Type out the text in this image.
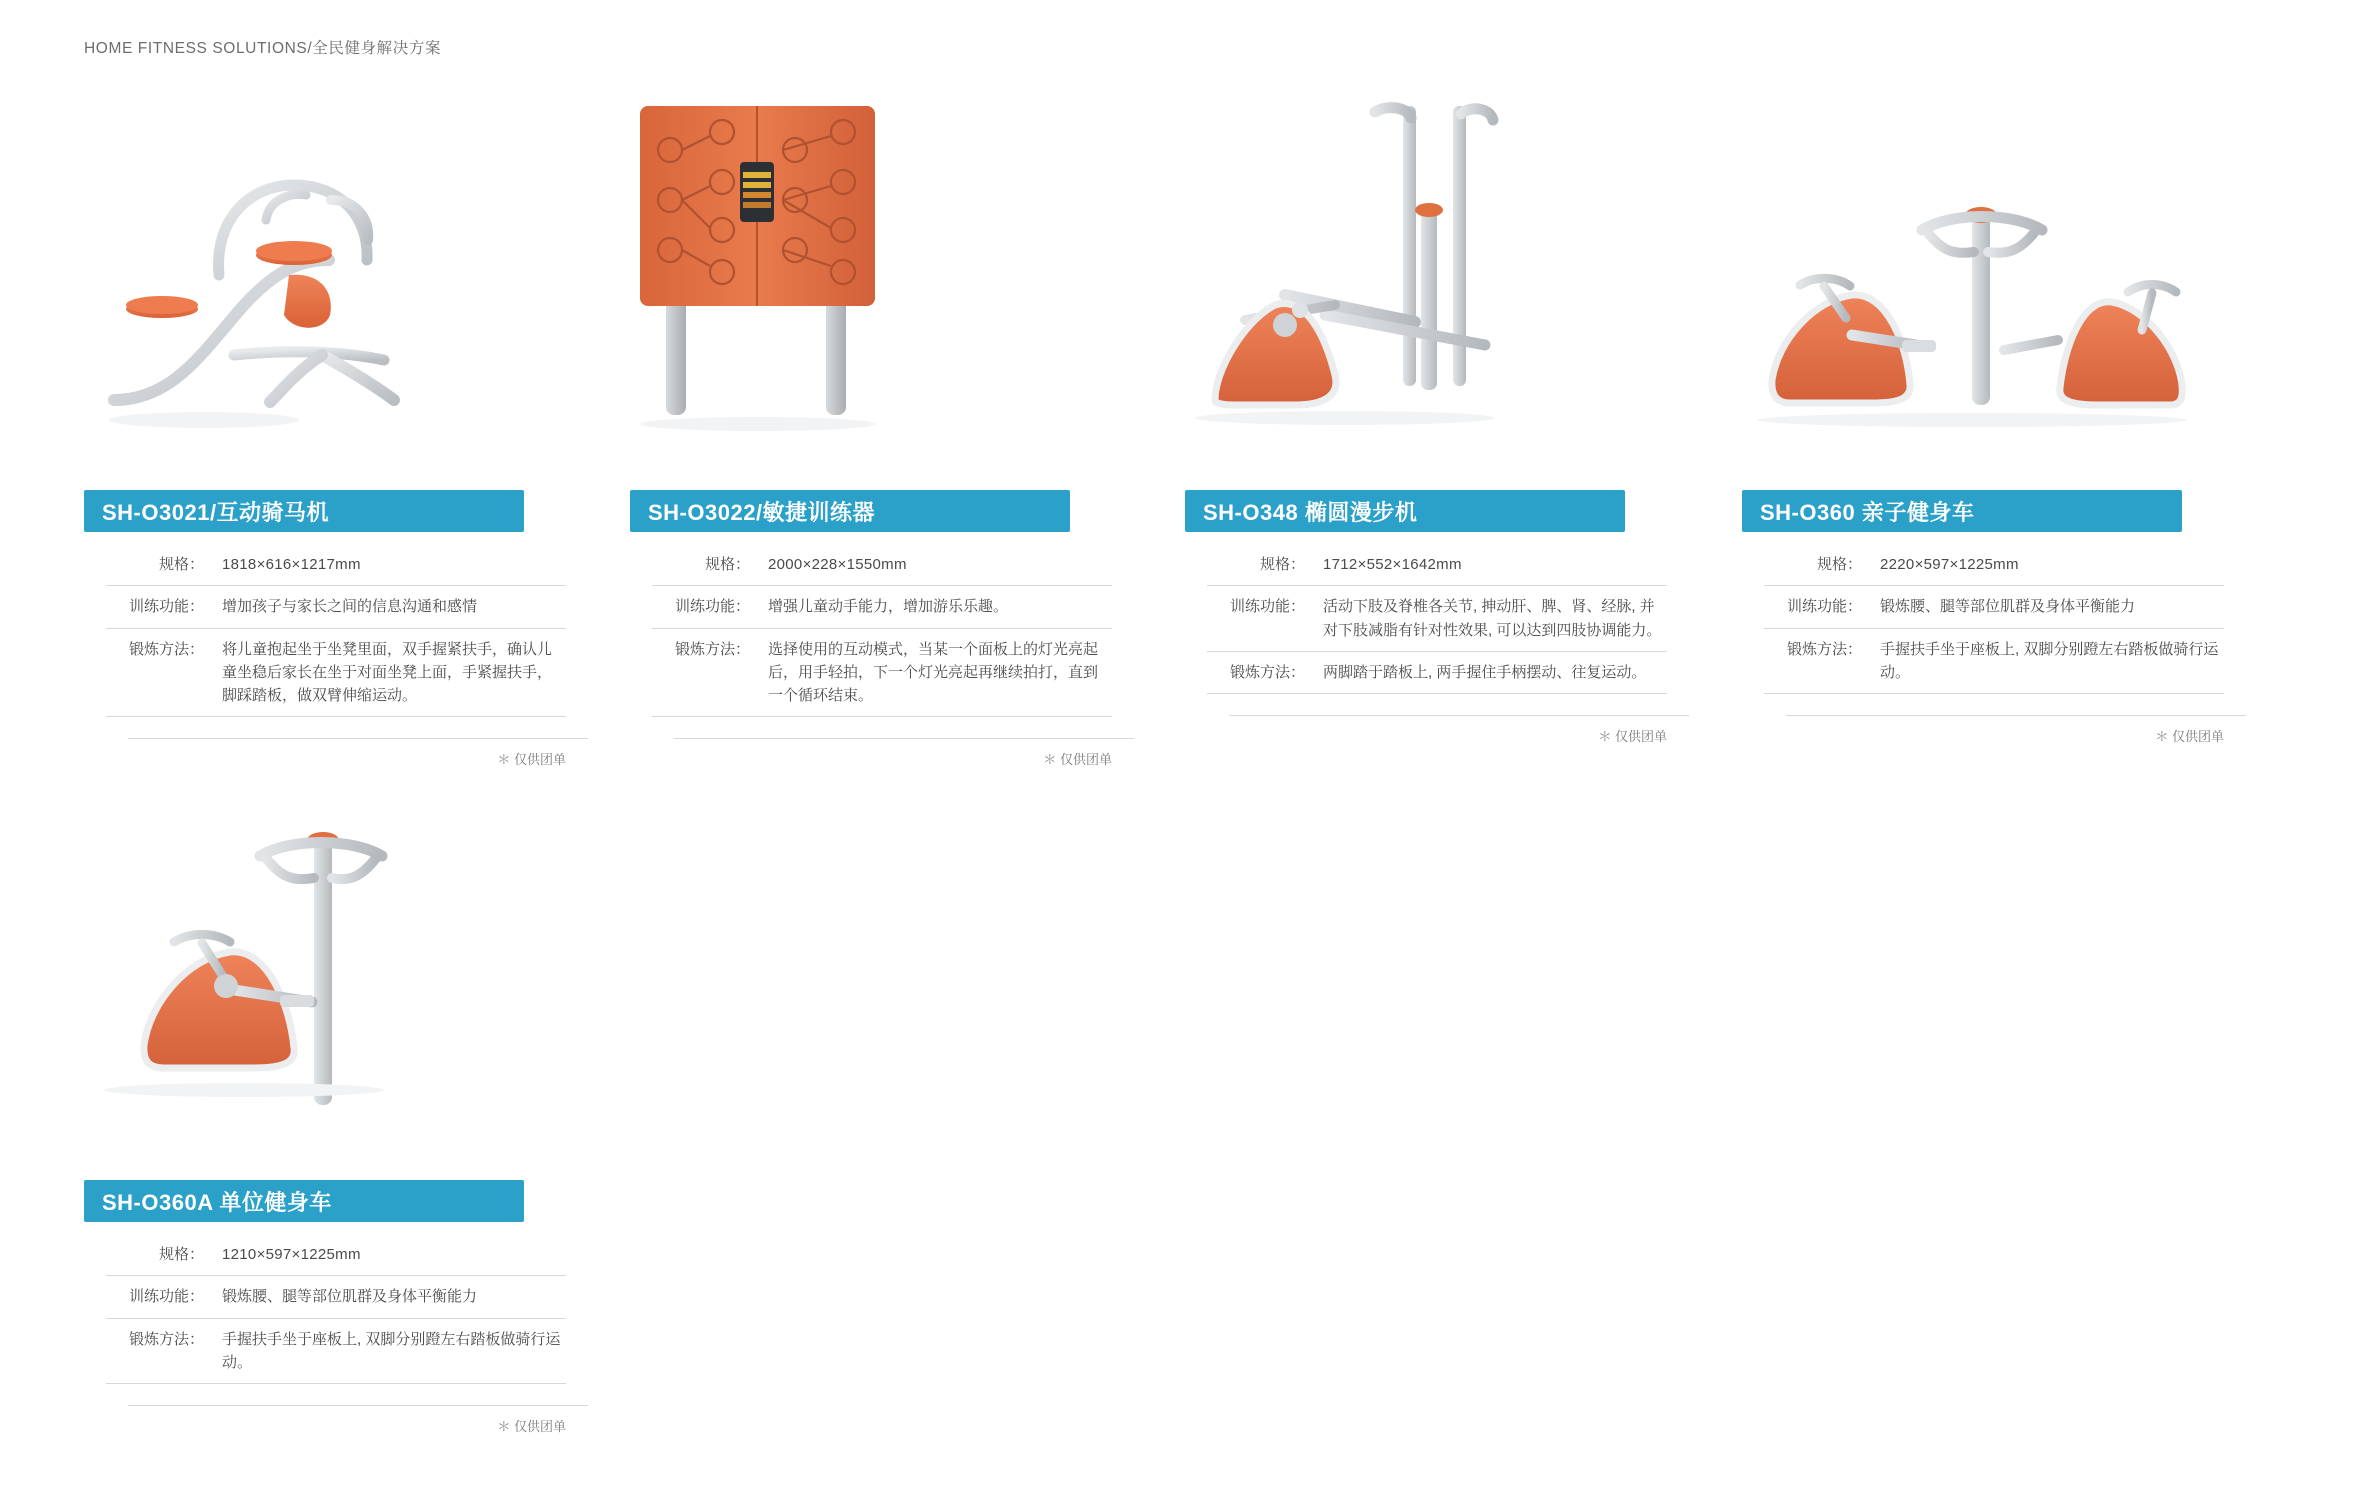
HOME FITNESS SOLUTIONS/全民健身解决方案
SH-O3021/互动骑马机
规格：	1818×616×1217mm
训练功能：	增加孩子与家长之间的信息沟通和感情
锻炼方法：	将儿童抱起坐于坐凳里面，双手握紧扶手，确认儿童坐稳后家长在坐于对面坐凳上面，手紧握扶手，脚踩踏板，做双臂伸缩运动。
＊ 仅供团单
SH-O3022/敏捷训练器
规格：	2000×228×1550mm
训练功能：	增强儿童动手能力，增加游乐乐趣。
锻炼方法：	选择使用的互动模式，当某一个面板上的灯光亮起后，用手轻拍，下一个灯光亮起再继续拍打，直到一个循环结束。
＊ 仅供团单
SH-O348 椭圆漫步机
规格：	1712×552×1642mm
训练功能：	活动下肢及脊椎各关节, 抻动肝、脾、肾、经脉, 并对下肢减脂有针对性效果, 可以达到四肢协调能力。
锻炼方法：	两脚踏于踏板上, 两手握住手柄摆动、往复运动。
＊ 仅供团单
SH-O360 亲子健身车
规格：	2220×597×1225mm
训练功能：	锻炼腰、腿等部位肌群及身体平衡能力
锻炼方法：	手握扶手坐于座板上, 双脚分别蹬左右踏板做骑行运动。
＊ 仅供团单
SH-O360A 单位健身车
规格：	1210×597×1225mm
训练功能：	锻炼腰、腿等部位肌群及身体平衡能力
锻炼方法：	手握扶手坐于座板上, 双脚分别蹬左右踏板做骑行运动。
＊ 仅供团单
